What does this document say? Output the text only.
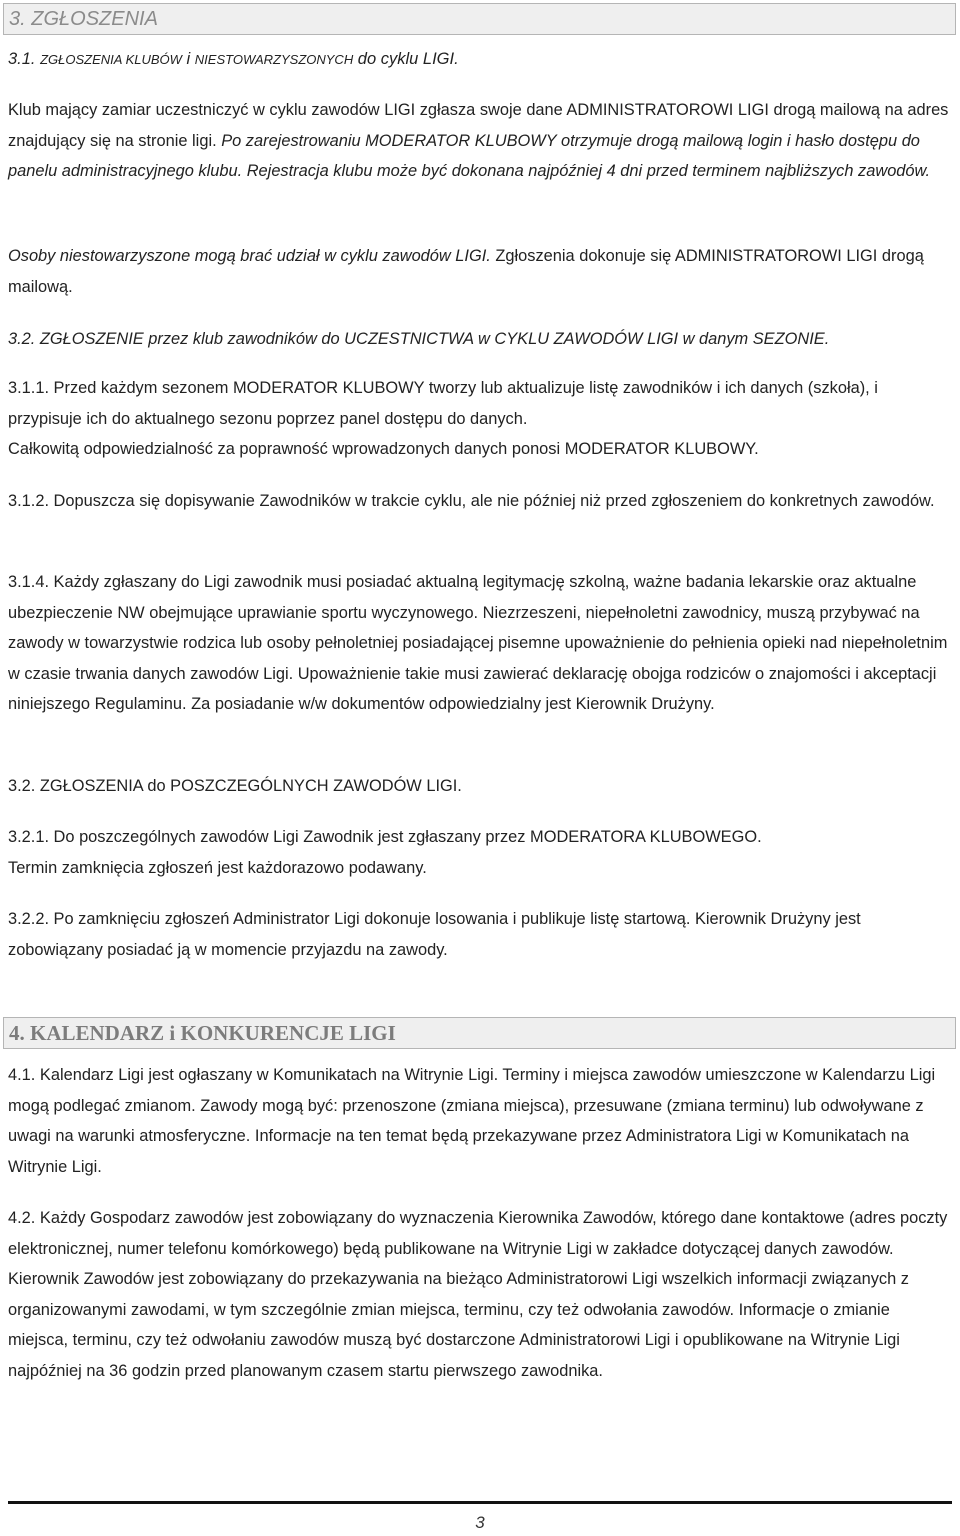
3. ZGŁOSZENIA
3.1. ZGŁOSZENIA KLUBÓW i NIESTOWARZYSZONYCH do cyklu LIGI.
Klub mający zamiar uczestniczyć w cyklu zawodów LIGI zgłasza swoje dane ADMINISTRATOROWI LIGI drogą mailową na adres znajdujący się na stronie ligi. Po zarejestrowaniu MODERATOR KLUBOWY otrzymuje drogą mailową login i hasło dostępu do panelu administracyjnego klubu. Rejestracja klubu może być dokonana najpóźniej 4 dni przed terminem najbliższych zawodów.
Osoby niestowarzyszone mogą brać udział w cyklu zawodów LIGI. Zgłoszenia dokonuje się ADMINISTRATOROWI LIGI drogą mailową.
3.2. ZGŁOSZENIE przez klub zawodników do UCZESTNICTWA w CYKLU ZAWODÓW LIGI w danym SEZONIE.
3.1.1. Przed każdym sezonem MODERATOR KLUBOWY tworzy lub aktualizuje listę zawodników i ich danych (szkoła), i przypisuje ich do aktualnego sezonu poprzez panel dostępu do danych.
Całkowitą odpowiedzialność za poprawność wprowadzonych danych ponosi MODERATOR KLUBOWY.
3.1.2. Dopuszcza się dopisywanie Zawodników w trakcie cyklu, ale nie później niż przed zgłoszeniem do konkretnych zawodów.
3.1.4. Każdy zgłaszany do Ligi zawodnik musi posiadać aktualną legitymację szkolną, ważne badania lekarskie oraz aktualne ubezpieczenie NW obejmujące uprawianie sportu wyczynowego. Niezrzeszeni, niepełnoletni zawodnicy, muszą przybywać na zawody w towarzystwie rodzica lub osoby pełnoletniej posiadającej pisemne upoważnienie do pełnienia opieki nad niepełnoletnim w czasie trwania danych zawodów Ligi. Upoważnienie takie musi zawierać deklarację obojga rodziców o znajomości i akceptacji niniejszego Regulaminu. Za posiadanie w/w dokumentów odpowiedzialny jest Kierownik Drużyny.
3.2. ZGŁOSZENIA do POSZCZEGÓLNYCH ZAWODÓW LIGI.
3.2.1. Do poszczególnych zawodów Ligi Zawodnik jest zgłaszany przez MODERATORA KLUBOWEGO.
Termin zamknięcia zgłoszeń jest każdorazowo podawany.
3.2.2. Po zamknięciu zgłoszeń Administrator Ligi dokonuje losowania i publikuje listę startową. Kierownik Drużyny jest zobowiązany posiadać ją w momencie przyjazdu na zawody.
4. KALENDARZ i KONKURENCJE LIGI
4.1. Kalendarz Ligi jest ogłaszany w Komunikatach na Witrynie Ligi. Terminy i miejsca zawodów umieszczone w Kalendarzu Ligi mogą podlegać zmianom. Zawody mogą być: przenoszone (zmiana miejsca), przesuwane (zmiana terminu) lub odwoływane z uwagi na warunki atmosferyczne. Informacje na ten temat będą przekazywane przez Administratora Ligi w Komunikatach na Witrynie Ligi.
4.2. Każdy Gospodarz zawodów jest zobowiązany do wyznaczenia Kierownika Zawodów, którego dane kontaktowe (adres poczty elektronicznej, numer telefonu komórkowego) będą publikowane na Witrynie Ligi w zakładce dotyczącej danych zawodów. Kierownik Zawodów jest zobowiązany do przekazywania na bieżąco Administratorowi Ligi wszelkich informacji związanych z organizowanymi zawodami, w tym szczególnie zmian miejsca, terminu, czy też odwołania zawodów. Informacje o zmianie miejsca, terminu, czy też odwołaniu zawodów muszą być dostarczone Administratorowi Ligi i opublikowane na Witrynie Ligi najpóźniej na 36 godzin przed planowanym czasem startu pierwszego zawodnika.
3
